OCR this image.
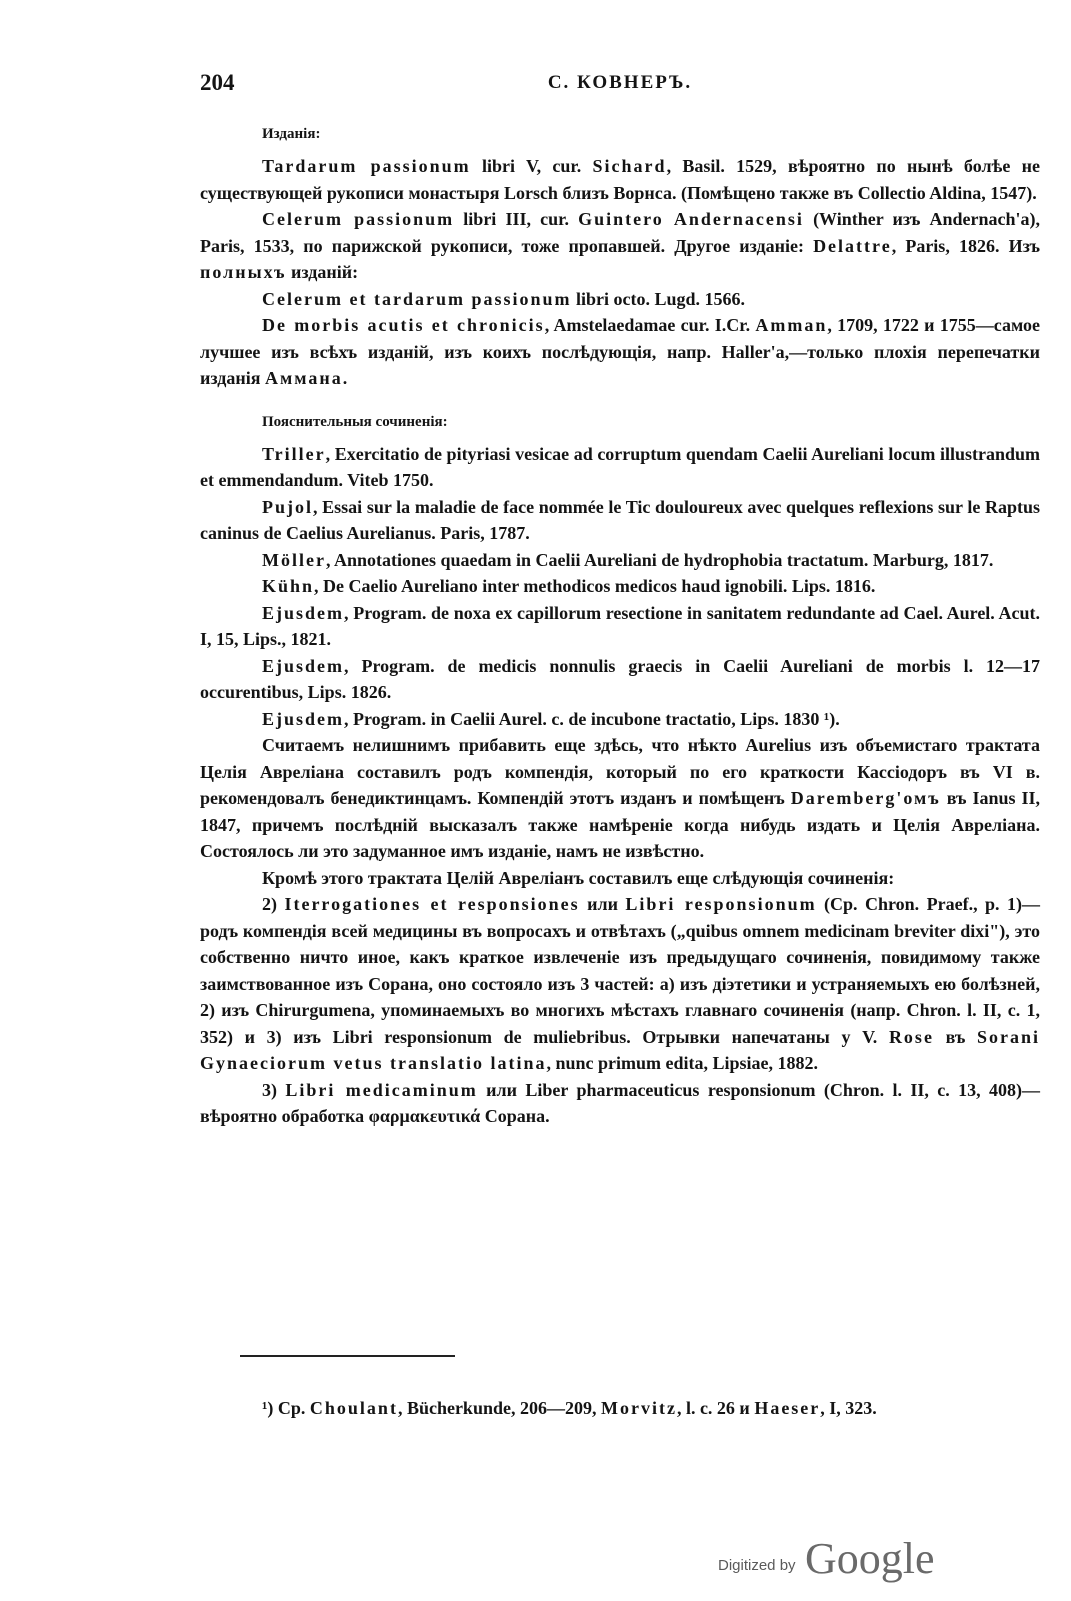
204	С. КОВНЕРЪ.
Изданія:

Tardarum passionum libri V, cur. Sichard, Basil. 1529, вѣроятно по нынѣ болѣе не существующей рукописи монастыря Lorsch близъ Ворнса. (Помѣщено также въ Collectio Aldina, 1547).

Celerum passionum libri III, cur. Guintero Andernacensi (Winther изъ Andernach'a), Paris, 1533, по парижской рукописи, тоже пропавшей. Другое изданіе: Delattre, Paris, 1826. Изъ полныхъ изданій:

Celerum et tardarum passionum libri octo. Lugd. 1566.

De morbis acutis et chronicis, Amstelaedamae cur. I.Cr. Amman, 1709, 1722 и 1755—самое лучшее изъ всѣхъ изданій, изъ коихъ послѣдующія, напр. Haller'a,—только плохія перепечатки изданія Аммана.

Пояснительныя сочиненія:

Triller, Exercitatio de pityriasi vesicae ad corruptum quendam Caelii Aureliani locum illustrandum et emmendandum. Viteb 1750.

Pujol, Essai sur la maladie de face nommée le Tic douloureux avec quelques reflexions sur le Raptus caninus de Caelius Aurelianus. Paris, 1787.

Möller, Annotationes quaedam in Caelii Aureliani de hydrophobia tractatum. Marburg, 1817.

Kühn, De Caelio Aureliano inter methodicos medicos haud ignobili. Lips. 1816.

Ejusdem, Program. de noxa ex capillorum resectione in sanitatem redundante ad Cael. Aurel. Acut. I, 15, Lips., 1821.

Ejusdem, Program. de medicis nonnulis graecis in Caelii Aureliani de morbis l. 12—17 occurentibus, Lips. 1826.

Ejusdem, Program. in Caelii Aurel. c. de incubone tractatio, Lips. 1830 ¹).

Считаемъ нелишнимъ прибавить еще здѣсь, что нѣкто Aurelius изъ объемистаго трактата Целія Авреліана составилъ родъ компендія, который по его краткости Кассіодоръ въ VI в. рекомендовалъ бенедиктинцамъ. Компендій этотъ изданъ и помѣщенъ Daremberg'омъ въ Ianus II, 1847, причемъ послѣдній высказалъ также намѣреніе когда нибудь издать и Целія Авреліана. Состоялось ли это задуманное имъ изданіе, намъ не извѣстно.

Кромѣ этого трактата Целій Авреліанъ составилъ еще слѣдующія сочиненія:

2) Iterrogationes et responsiones или Libri responsionum (Cp. Chron. Praef., p. 1)—родъ компендія всей медицины въ вопросахъ и отвѣтахъ („quibus omnem medicinam breviter dixi"), это собственно ничто иное, какъ краткое извлеченіе изъ предыдущаго сочиненія, повидимому также заимствованное изъ Сорана, оно состояло изъ 3 частей: а) изъ діэтетики и устраняемыхъ ею болѣзней, 2) изъ Chirurgumena, упоминаемыхъ во многихъ мѣстахъ главнаго сочиненія (напр. Chron. l. II, c. 1, 352) и 3) изъ Libri responsionum de muliebribus. Отрывки напечатаны у V. Rose въ Sorani Gynaeciorum vetus translatio latina, nunc primum edita, Lipsiae, 1882.

3) Libri medicaminum или Liber pharmaceuticus responsionum (Chron. l. II, c. 13, 408)—вѣроятно обработка φαρμακευτικά Сорана.

¹) Cp. Choulant, Bücherkunde, 206—209, Morvitz, l. c. 26 и Haeser, I, 323.

Digitized by Google
